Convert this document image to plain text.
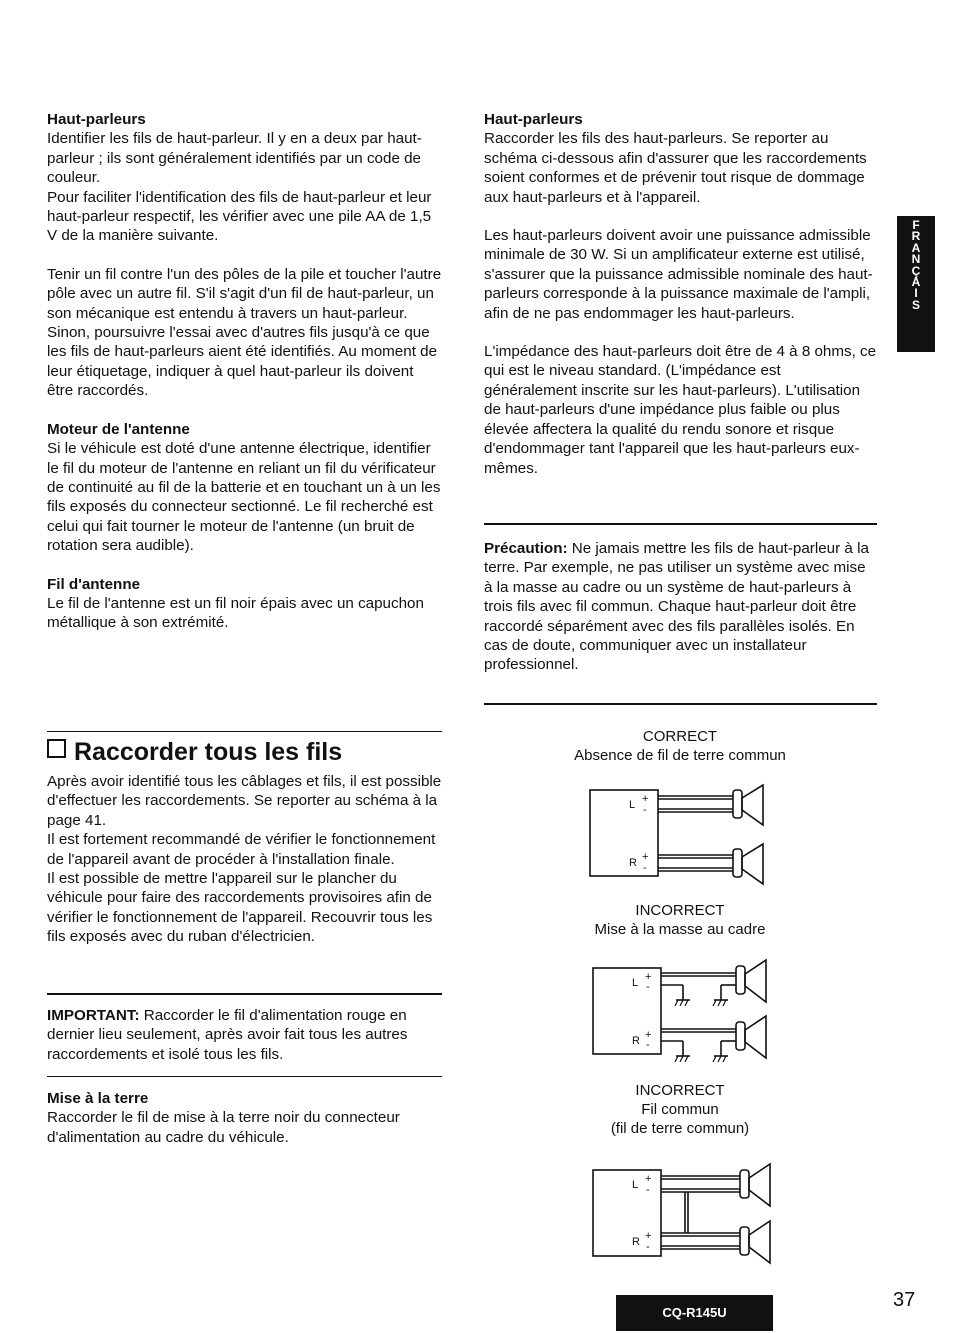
Haut-parleurs

Identifier les fils de haut-parleur. Il y en a deux par haut-parleur ; ils sont généralement identifiés par un code de couleur.

Pour faciliter l'identification des fils de haut-parleur et leur haut-parleur respectif, les vérifier avec une pile AA de 1,5 V de la manière suivante.

Tenir un fil contre l'un des pôles de la pile et toucher l'autre pôle avec un autre fil. S'il s'agit d'un fil de haut-parleur, un son mécanique est entendu à travers un haut-parleur. Sinon, poursuivre l'essai avec d'autres fils jusqu'à ce que les fils de haut-parleurs aient été identifiés. Au moment de leur étiquetage, indiquer à quel haut-parleur ils doivent être raccordés.

Moteur de l'antenne

Si le véhicule est doté d'une antenne électrique, identifier le fil du moteur de l'antenne en reliant un fil du vérificateur de continuité au fil de la batterie et en touchant un à un les fils exposés du connecteur sectionné. Le fil recherché est celui qui fait tourner le moteur de l'antenne (un bruit de rotation sera audible).

Fil d'antenne

Le fil de l'antenne est un fil noir épais avec un capuchon métallique à son extrémité.

Raccorder tous les fils

Après avoir identifié tous les câblages et fils, il est possible d'effectuer les raccordements. Se reporter au schéma à la page 41.

Il est fortement recommandé de vérifier le fonctionnement de l'appareil avant de procéder à l'installation finale.

Il est possible de mettre l'appareil sur le plancher du véhicule pour faire des raccordements provisoires afin de vérifier le fonctionnement de l'appareil. Recouvrir tous les fils exposés avec du ruban d'électricien.

IMPORTANT: Raccorder le fil d'alimentation rouge en dernier lieu seulement, après avoir fait tous les autres raccordements et isolé tous les fils.

Mise à la terre

Raccorder le fil de mise à la terre noir du connecteur d'alimentation au cadre du véhicule.

Haut-parleurs

Raccorder les fils des haut-parleurs. Se reporter au schéma ci-dessous afin d'assurer que les raccordements soient conformes et de prévenir tout risque de dommage aux haut-parleurs et à l'appareil.

Les haut-parleurs doivent avoir une puissance admissible minimale de 30 W. Si un amplificateur externe est utilisé, s'assurer que la puissance admissible nominale des haut-parleurs corresponde à la puissance maximale de l'ampli, afin de ne pas endommager les haut-parleurs.

L'impédance des haut-parleurs doit être de 4 à 8 ohms, ce qui est le niveau standard. (L'impédance est généralement inscrite sur les haut-parleurs). L'utilisation de haut-parleurs d'une impédance plus faible ou plus élevée affectera la qualité du rendu sonore et risque d'endommager tant l'appareil que les haut-parleurs eux-mêmes.

Précaution: Ne jamais mettre les fils de haut-parleur à la terre. Par exemple, ne pas utiliser un système avec mise à la masse au cadre ou un système de haut-parleurs à trois fils avec fil commun. Chaque haut-parleur doit être raccordé séparément avec des fils parallèles isolés. En cas de doute, communiquer avec un installateur professionnel.

CORRECT
Absence de fil de terre commun
INCORRECT
Mise à la masse au cadre
INCORRECT
Fil commun
(fil de terre commun)
L +
-
R +
-
L +
-
R +
-
L +
-
R +
-
F
R
A
N
Ç
A
I
S
CQ-R145U
37
